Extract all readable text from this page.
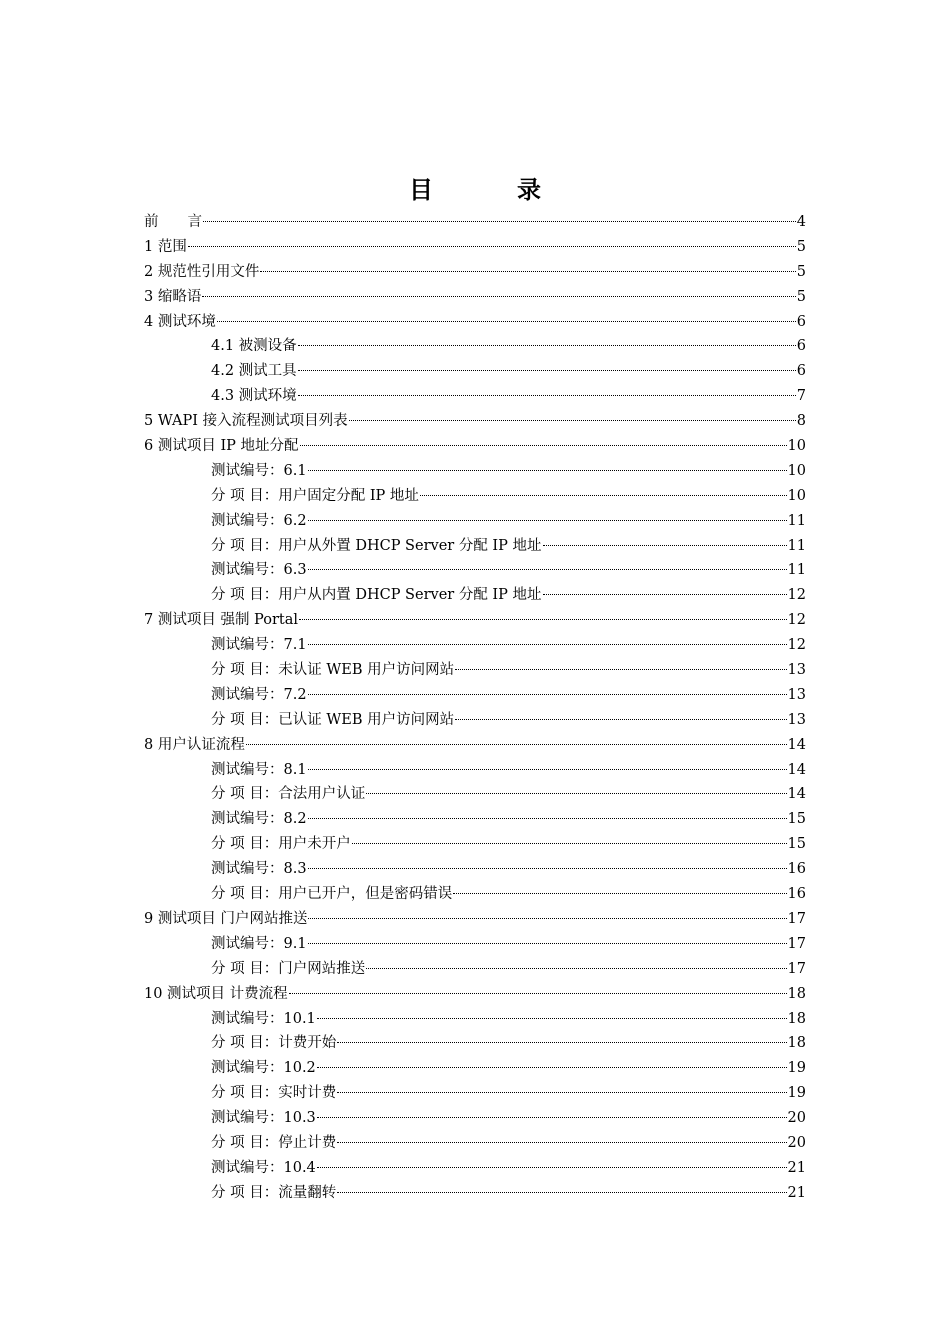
目　录
前　　言	4
1 范围	5
2 规范性引用文件	5
3 缩略语	5
4 测试环境	6
4.1 被测设备	6
4.2 测试工具	6
4.3 测试环境	7
5 WAPI 接入流程测试项目列表	8
6 测试项目 IP 地址分配	10
测试编号：6.1	10
分 项 目：用户固定分配 IP 地址	10
测试编号：6.2	11
分 项 目：用户从外置 DHCP Server 分配 IP 地址	11
测试编号：6.3	11
分 项 目：用户从内置 DHCP Server 分配 IP 地址	12
7 测试项目 强制 Portal	12
测试编号：7.1	12
分 项 目：未认证 WEB 用户访问网站	13
测试编号：7.2	13
分 项 目：已认证 WEB 用户访问网站	13
8 用户认证流程	14
测试编号：8.1	14
分 项 目：合法用户认证	14
测试编号：8.2	15
分 项 目：用户未开户	15
测试编号：8.3	16
分 项 目：用户已开户，但是密码错误	16
9 测试项目 门户网站推送	17
测试编号：9.1	17
分 项 目：门户网站推送	17
10 测试项目 计费流程	18
测试编号：10.1	18
分 项 目：计费开始	18
测试编号：10.2	19
分 项 目：实时计费	19
测试编号：10.3	20
分 项 目：停止计费	20
测试编号：10.4	21
分 项 目：流量翻转	21
